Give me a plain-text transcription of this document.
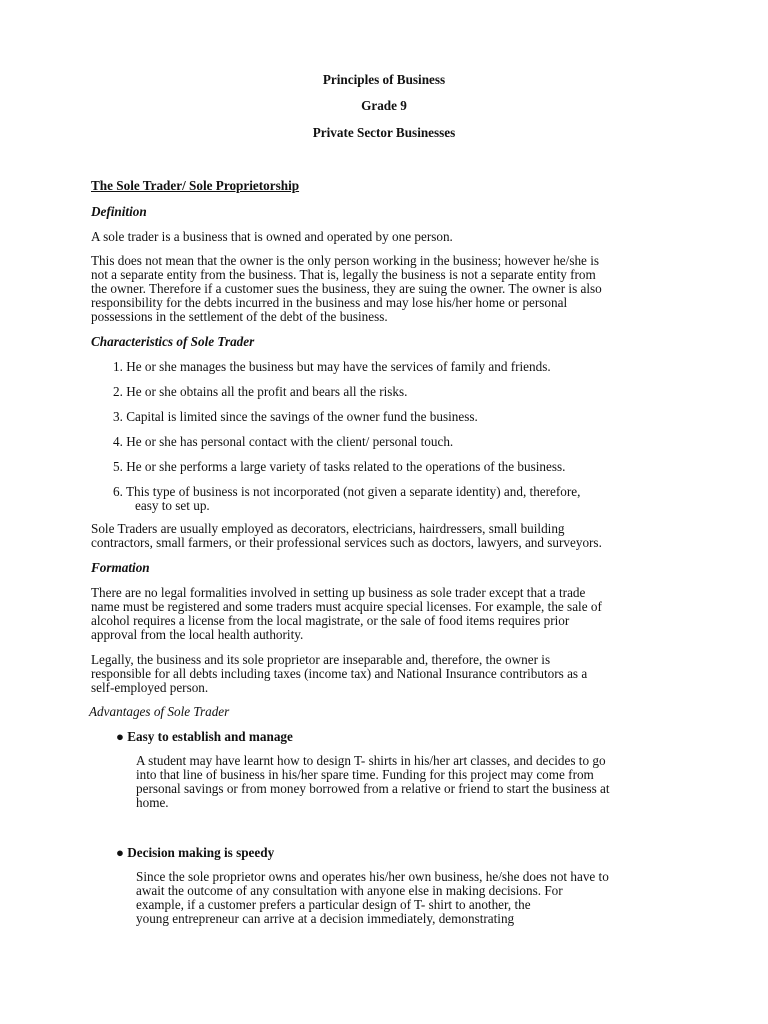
Principles of Business
Grade 9
Private Sector Businesses
The Sole Trader/ Sole Proprietorship
Definition
A sole trader is a business that is owned and operated by one person.
This does not mean that the owner is the only person working in the business; however he/she is
not a separate entity from the business. That is, legally the business is not a separate entity from
the owner. Therefore if a customer sues the business, they are suing the owner. The owner is also
responsibility for the debts incurred in the business and may lose his/her home or personal
possessions in the settlement of the debt of the business.
Characteristics of Sole Trader
1. He or she manages the business but may have the services of family and friends.
2. He or she obtains all the profit and bears all the risks.
3. Capital is limited since the savings of the owner fund the business.
4. He or she has personal contact with the client/ personal touch.
5. He or she performs a large variety of tasks related to the operations of the business.
6. This type of business is not incorporated (not given a separate identity) and, therefore,
easy to set up.
Sole Traders are usually employed as decorators, electricians, hairdressers, small building
contractors, small farmers, or their professional services such as doctors, lawyers, and surveyors.
Formation
There are no legal formalities involved in setting up business as sole trader except that a trade
name must be registered and some traders must acquire special licenses. For example, the sale of
alcohol requires a license from the local magistrate, or the sale of food items requires prior
approval from the local health authority.
Legally, the business and its sole proprietor are inseparable and, therefore, the owner is
responsible for all debts including taxes (income tax) and National Insurance contributors as a
self-employed person.
Advantages of Sole Trader
● Easy to establish and manage
A student may have learnt how to design T- shirts in his/her art classes, and decides to go
into that line of business in his/her spare time. Funding for this project may come from
personal savings or from money borrowed from a relative or friend to start the business at
home.
● Decision making is speedy
Since the sole proprietor owns and operates his/her own business, he/she does not have to
await the outcome of any consultation with anyone else in making decisions. For
example, if a customer prefers a particular design of T- shirt to another, the
young entrepreneur can arrive at a decision immediately, demonstrating
